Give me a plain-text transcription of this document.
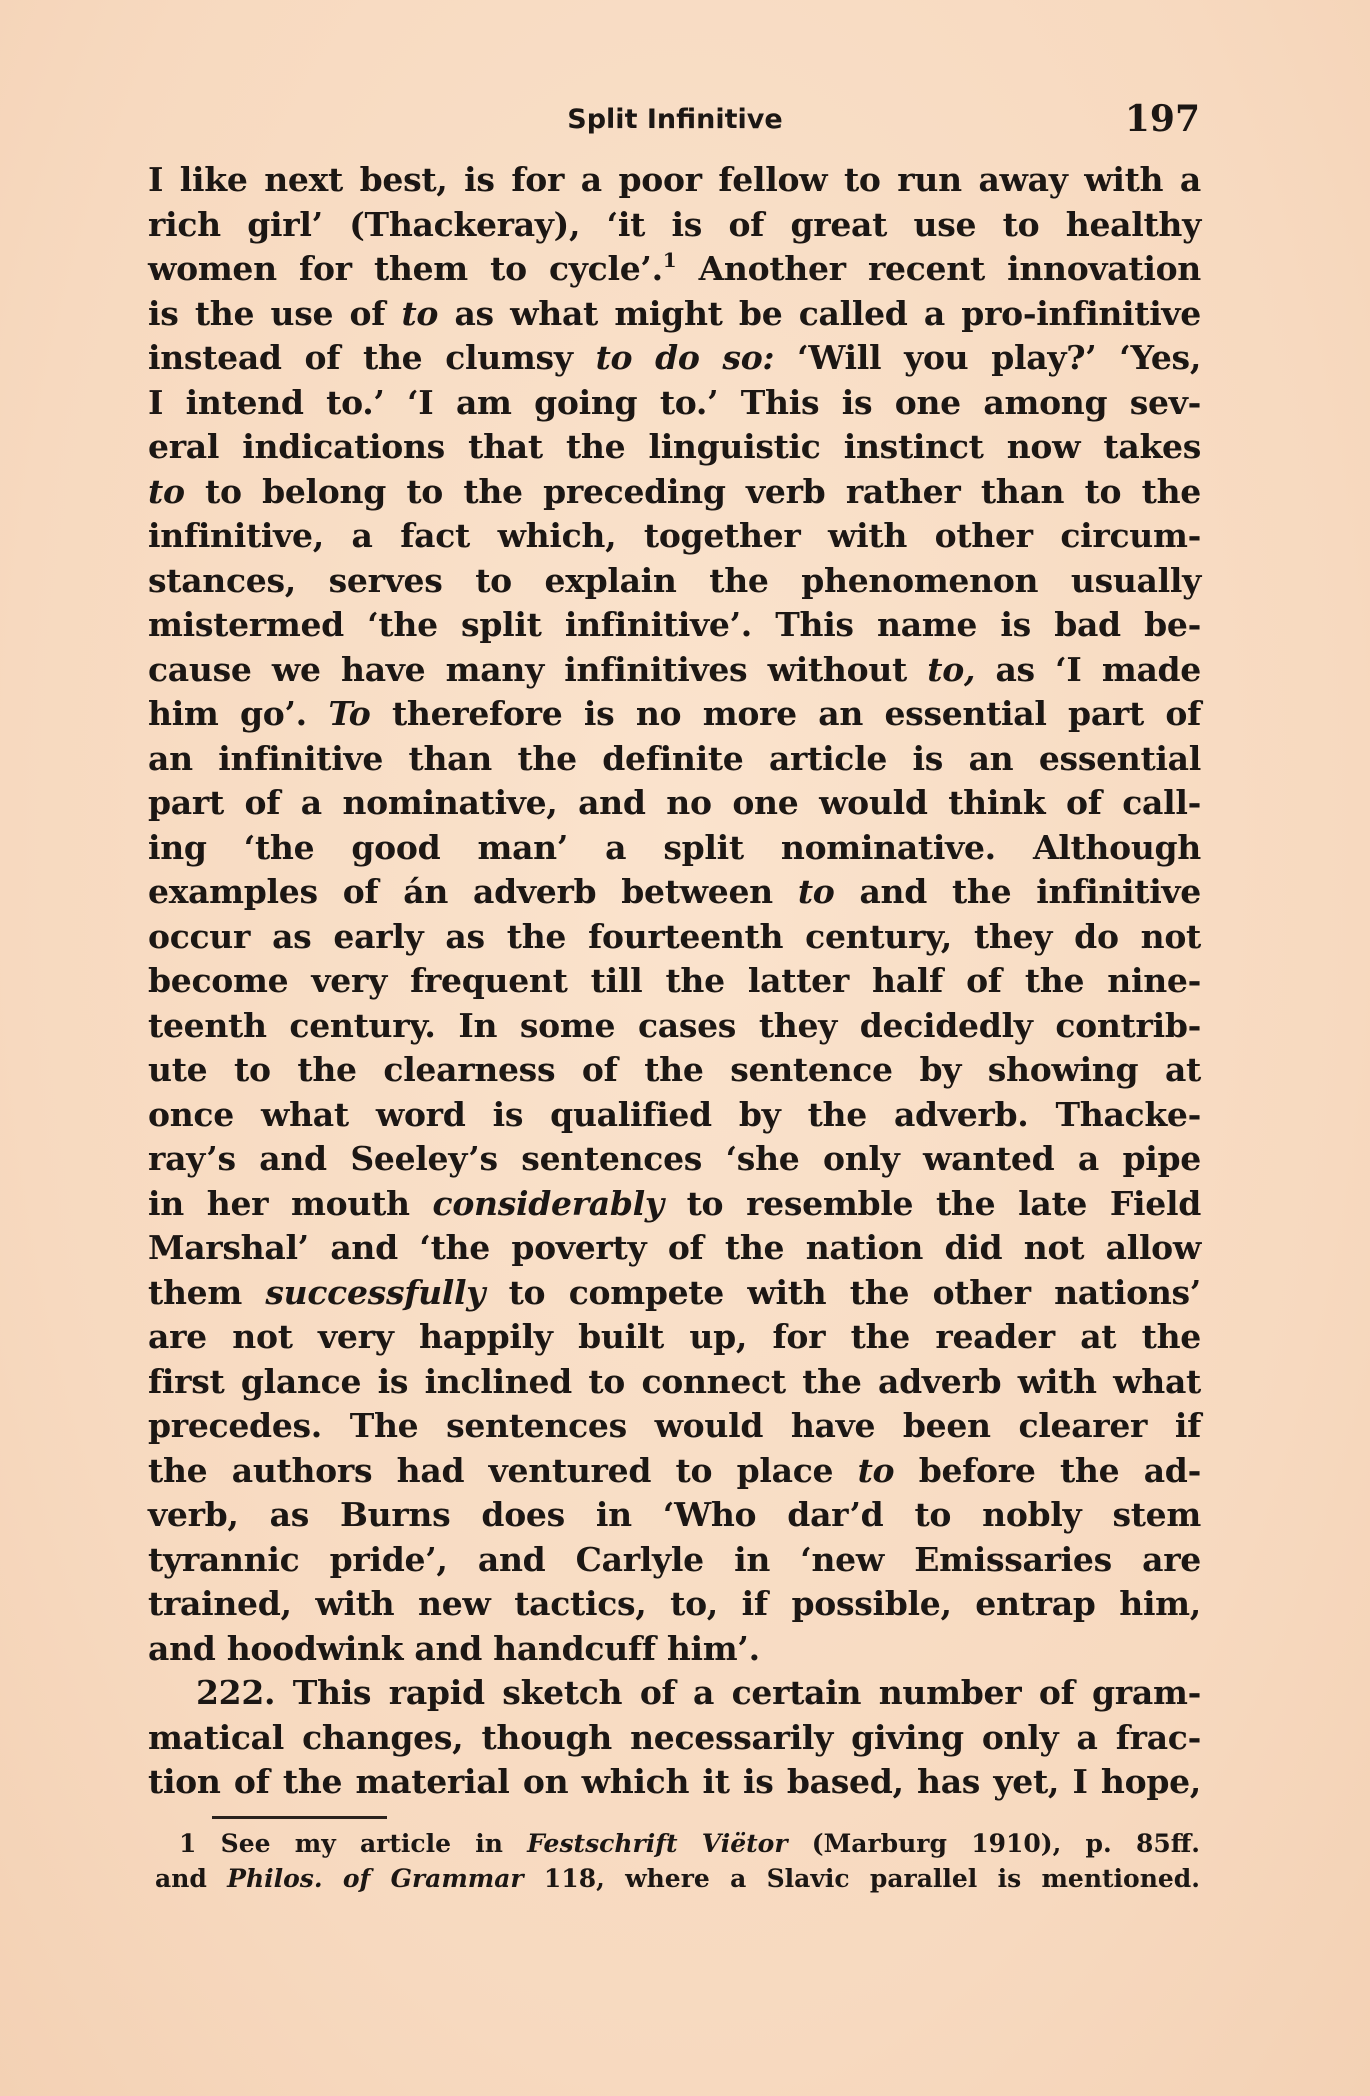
Split Infinitive	197
I like next best, is for a poor fellow to run away with a
rich girl’ (Thackeray), ‘it is of great use to healthy
women for them to cycle’.$^1$ Another recent innovation
is the use of to as what might be called a pro-infinitive
instead of the clumsy to do so: ‘Will you play?’ ‘Yes,
I intend to.’ ‘I am going to.’ This is one among sev-
eral indications that the linguistic instinct now takes
to to belong to the preceding verb rather than to the
infinitive, a fact which, together with other circum-
stances, serves to explain the phenomenon usually
mistermed ‘the split infinitive’. This name is bad be-
cause we have many infinitives without to, as ‘I made
him go’. To therefore is no more an essential part of
an infinitive than the definite article is an essential
part of a nominative, and no one would think of call-
ing ‘the good man’ a split nominative. Although
examples of án adverb between to and the infinitive
occur as early as the fourteenth century, they do not
become very frequent till the latter half of the nine-
teenth century. In some cases they decidedly contrib-
ute to the clearness of the sentence by showing at
once what word is qualified by the adverb. Thacke-
ray’s and Seeley’s sentences ‘she only wanted a pipe
in her mouth considerably to resemble the late Field
Marshal’ and ‘the poverty of the nation did not allow
them successfully to compete with the other nations’
are not very happily built up, for the reader at the
first glance is inclined to connect the adverb with what
precedes. The sentences would have been clearer if
the authors had ventured to place to before the ad-
verb, as Burns does in ‘Who dar’d to nobly stem
tyrannic pride’, and Carlyle in ‘new Emissaries are
trained, with new tactics, to, if possible, entrap him,
and hoodwink and handcuff him’.
222. This rapid sketch of a certain number of gram-
matical changes, though necessarily giving only a frac-
tion of the material on which it is based, has yet, I hope,
1 See my article in Festschrift Viëtor (Marburg 1910), p. 85ff.
and Philos. of Grammar 118, where a Slavic parallel is mentioned.
